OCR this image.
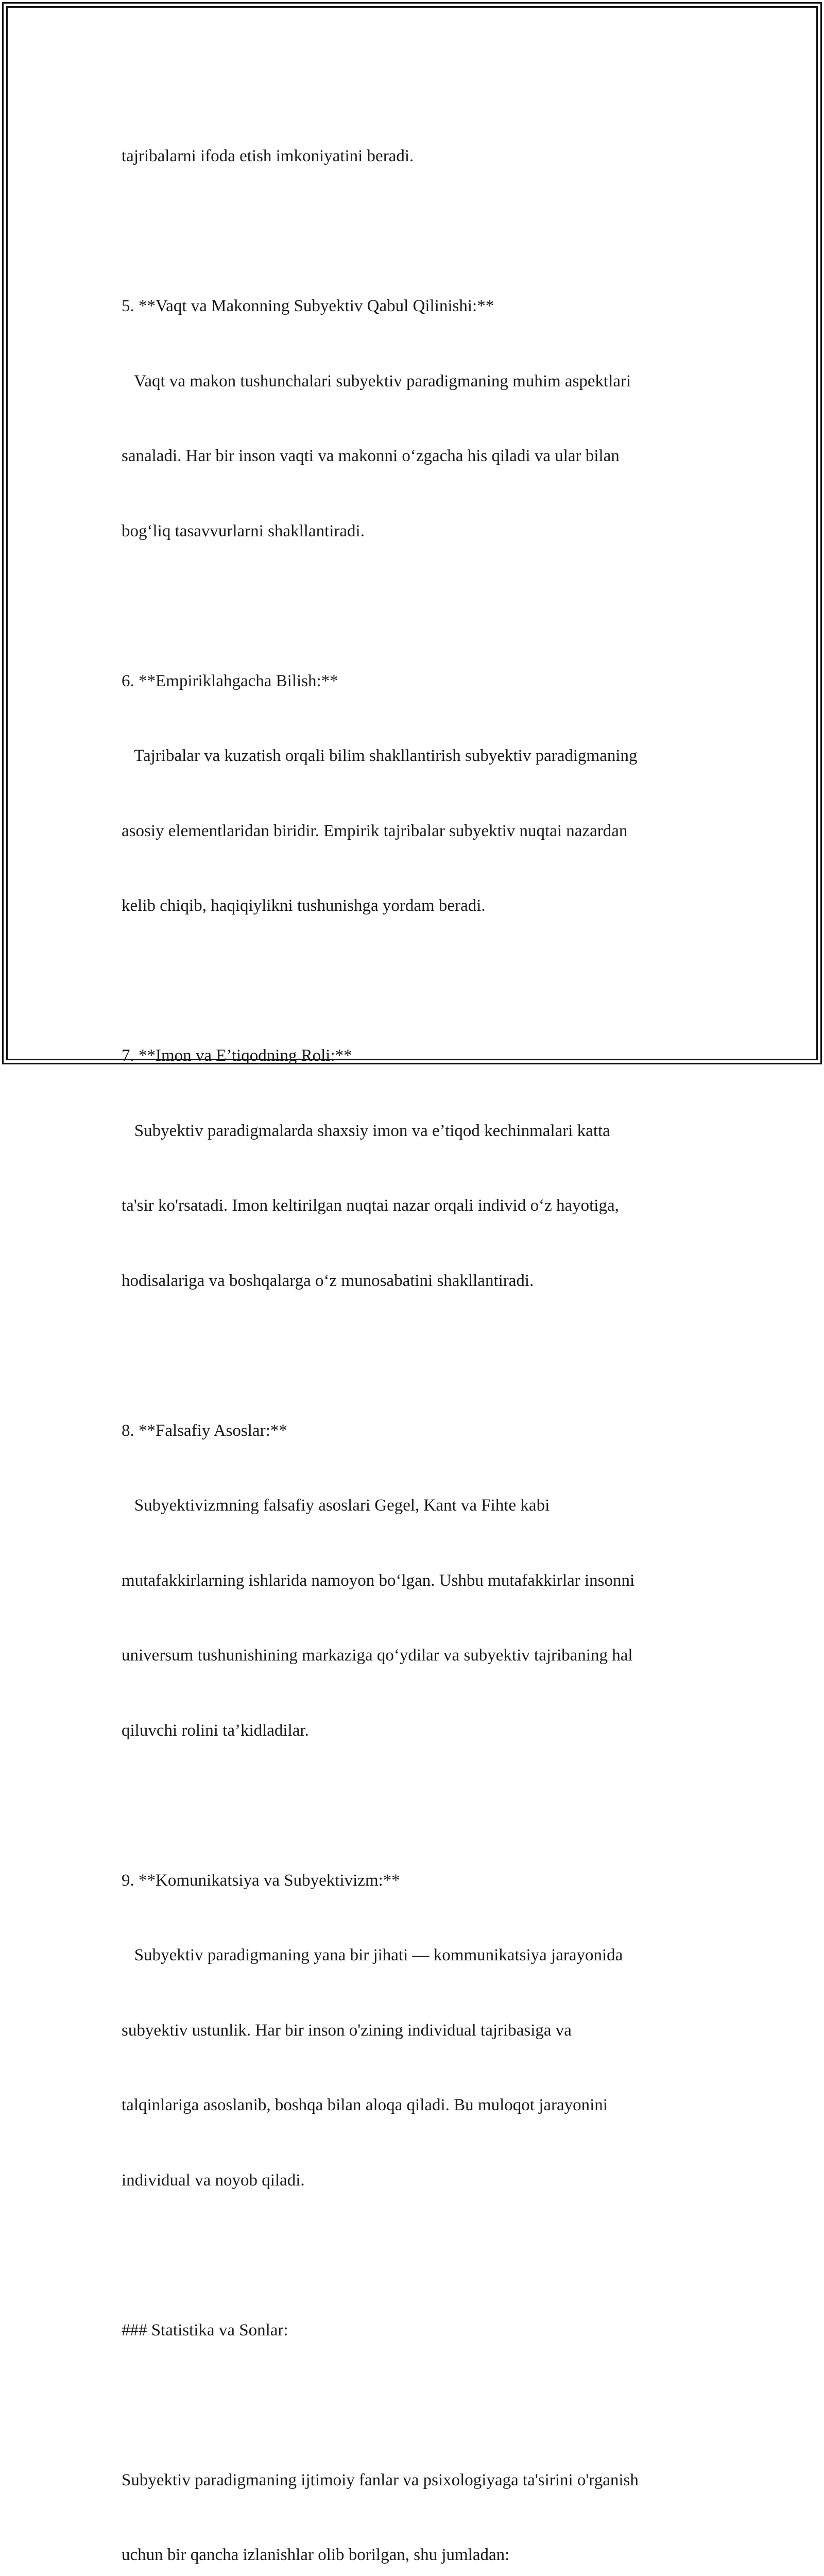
tajribalarni ifoda etish imkoniyatini beradi.

5. **Vaqt va Makonning Subyektiv Qabul Qilinishi:**

Vaqt va makon tushunchalari subyektiv paradigmaning muhim aspektlari

sanaladi. Har bir inson vaqti va makonni o‘zgacha his qiladi va ular bilan

bog‘liq tasavvurlarni shakllantiradi.

6. **Empiriklahgacha Bilish:**

Tajribalar va kuzatish orqali bilim shakllantirish subyektiv paradigmaning

asosiy elementlaridan biridir. Empirik tajribalar subyektiv nuqtai nazardan

kelib chiqib, haqiqiylikni tushunishga yordam beradi.

7. **Imon va E’tiqodning Roli:**

Subyektiv paradigmalarda shaxsiy imon va e’tiqod kechinmalari katta

ta'sir ko'rsatadi. Imon keltirilgan nuqtai nazar orqali individ o‘z hayotiga,

hodisalariga va boshqalarga o‘z munosabatini shakllantiradi.

8. **Falsafiy Asoslar:**

Subyektivizmning falsafiy asoslari Gegel, Kant va Fihte kabi

mutafakkirlarning ishlarida namoyon bo‘lgan. Ushbu mutafakkirlar insonni

universum tushunishining markaziga qo‘ydilar va subyektiv tajribaning hal

qiluvchi rolini ta’kidladilar.

9. **Komunikatsiya va Subyektivizm:**

Subyektiv paradigmaning yana bir jihati — kommunikatsiya jarayonida

subyektiv ustunlik. Har bir inson o'zining individual tajribasiga va

talqinlariga asoslanib, boshqa bilan aloqa qiladi. Bu muloqot jarayonini

individual va noyob qiladi.

### Statistika va Sonlar:

Subyektiv paradigmaning ijtimoiy fanlar va psixologiyaga ta'sirini o'rganish

uchun bir qancha izlanishlar olib borilgan, shu jumladan:
